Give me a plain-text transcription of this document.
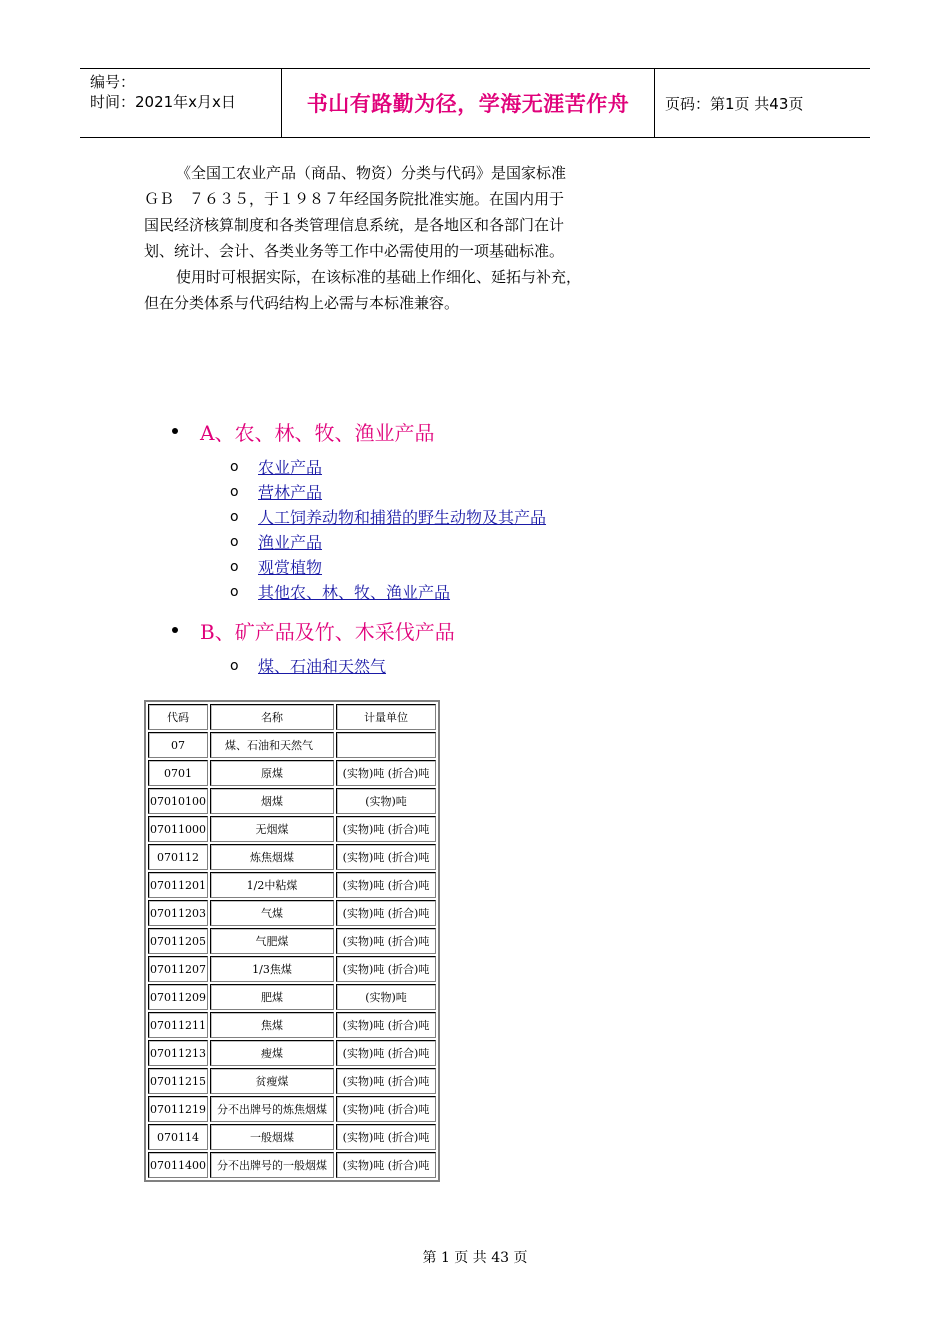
编号：
时间：2021年x月x日	书山有路勤为径，学海无涯苦作舟 页码：第1页 共43页

《全国工农业产品（商品、物资）分类与代码》是国家标准

ＧＢ　７６３５，于１９８７年经国务院批准实施。在国内用于

国民经济核算制度和各类管理信息系统，是各地区和各部门在计

划、统计、会计、各类业务等工作中必需使用的一项基础标准。

使用时可根据实际，在该标准的基础上作细化、延拓与补充，

但在分类体系与代码结构上必需与本标准兼容。

A、农、林、牧、渔业产品
o	农业产品
o	营林产品
o	人工饲养动物和捕猎的野生动物及其产品
o	渔业产品
o	观赏植物
o	其他农、林、牧、渔业产品
B、矿产品及竹、木采伐产品
o	煤、石油和天然气
代码	名称	计量单位
07	煤、石油和天然气	
0701	原煤	(实物)吨 (折合)吨
07010100	烟煤	(实物)吨
07011000	无烟煤	(实物)吨 (折合)吨
070112	炼焦烟煤	(实物)吨 (折合)吨
07011201	1/2中粘煤	(实物)吨 (折合)吨
07011203	气煤	(实物)吨 (折合)吨
07011205	气肥煤	(实物)吨 (折合)吨
07011207	1/3焦煤	(实物)吨 (折合)吨
07011209	肥煤	(实物)吨
07011211	焦煤	(实物)吨 (折合)吨
07011213	瘦煤	(实物)吨 (折合)吨
07011215	贫瘦煤	(实物)吨 (折合)吨
07011219	分不出牌号的炼焦烟煤	(实物)吨 (折合)吨
070114	一般烟煤	(实物)吨 (折合)吨
07011400	分不出牌号的一般烟煤	(实物)吨 (折合)吨
第 1 页 共 43 页
